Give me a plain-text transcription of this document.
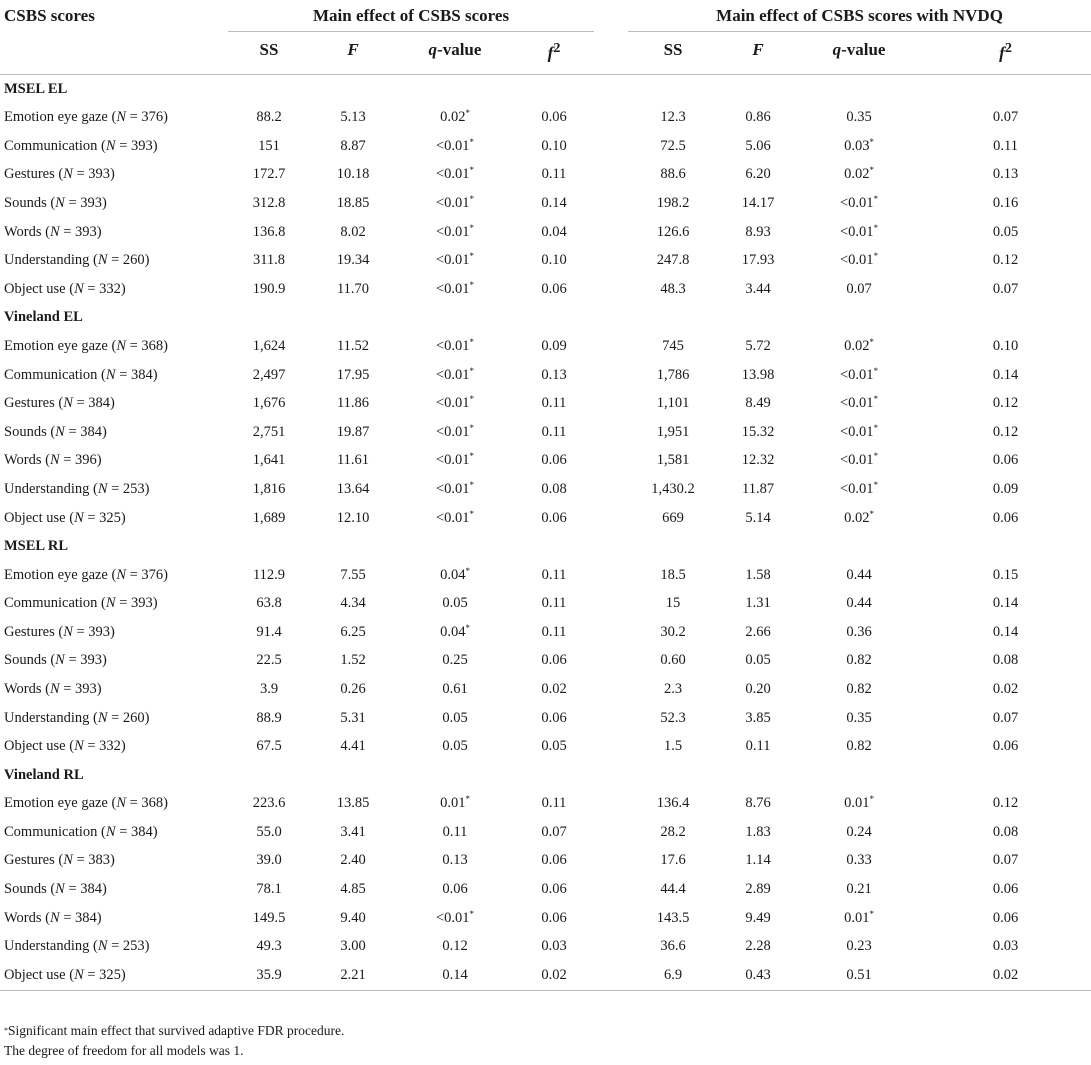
CSBS scores	Main effect of CSBS scores					Main effect of CSBS scores with NVDQ			
	SS	F	q-value	$f^2$		SS	F	q-value	$f^2$
MSEL EL									
Emotion eye gaze (N = 376)	88.2	5.13	0.02*	0.06		12.3	0.86	0.35	0.07
Communication (N = 393)	151	8.87	<0.01*	0.10		72.5	5.06	0.03*	0.11
Gestures (N = 393)	172.7	10.18	<0.01*	0.11		88.6	6.20	0.02*	0.13
Sounds (N = 393)	312.8	18.85	<0.01*	0.14		198.2	14.17	<0.01*	0.16
Words (N = 393)	136.8	8.02	<0.01*	0.04		126.6	8.93	<0.01*	0.05
Understanding (N = 260)	311.8	19.34	<0.01*	0.10		247.8	17.93	<0.01*	0.12
Object use (N = 332)	190.9	11.70	<0.01*	0.06		48.3	3.44	0.07	0.07
Vineland EL									
Emotion eye gaze (N = 368)	1,624	11.52	<0.01*	0.09		745	5.72	0.02*	0.10
Communication (N = 384)	2,497	17.95	<0.01*	0.13		1,786	13.98	<0.01*	0.14
Gestures (N = 384)	1,676	11.86	<0.01*	0.11		1,101	8.49	<0.01*	0.12
Sounds (N = 384)	2,751	19.87	<0.01*	0.11		1,951	15.32	<0.01*	0.12
Words (N = 396)	1,641	11.61	<0.01*	0.06		1,581	12.32	<0.01*	0.06
Understanding (N = 253)	1,816	13.64	<0.01*	0.08		1,430.2	11.87	<0.01*	0.09
Object use (N = 325)	1,689	12.10	<0.01*	0.06		669	5.14	0.02*	0.06
MSEL RL									
Emotion eye gaze (N = 376)	112.9	7.55	0.04*	0.11		18.5	1.58	0.44	0.15
Communication (N = 393)	63.8	4.34	0.05	0.11		15	1.31	0.44	0.14
Gestures (N = 393)	91.4	6.25	0.04*	0.11		30.2	2.66	0.36	0.14
Sounds (N = 393)	22.5	1.52	0.25	0.06		0.60	0.05	0.82	0.08
Words (N = 393)	3.9	0.26	0.61	0.02		2.3	0.20	0.82	0.02
Understanding (N = 260)	88.9	5.31	0.05	0.06		52.3	3.85	0.35	0.07
Object use (N = 332)	67.5	4.41	0.05	0.05		1.5	0.11	0.82	0.06
Vineland RL									
Emotion eye gaze (N = 368)	223.6	13.85	0.01*	0.11		136.4	8.76	0.01*	0.12
Communication (N = 384)	55.0	3.41	0.11	0.07		28.2	1.83	0.24	0.08
Gestures (N = 383)	39.0	2.40	0.13	0.06		17.6	1.14	0.33	0.07
Sounds (N = 384)	78.1	4.85	0.06	0.06		44.4	2.89	0.21	0.06
Words (N = 384)	149.5	9.40	<0.01*	0.06		143.5	9.49	0.01*	0.06
Understanding (N = 253)	49.3	3.00	0.12	0.03		36.6	2.28	0.23	0.03
Object use (N = 325)	35.9	2.21	0.14	0.02		6.9	0.43	0.51	0.02
*Significant main effect that survived adaptive FDR procedure.
The degree of freedom for all models was 1.
